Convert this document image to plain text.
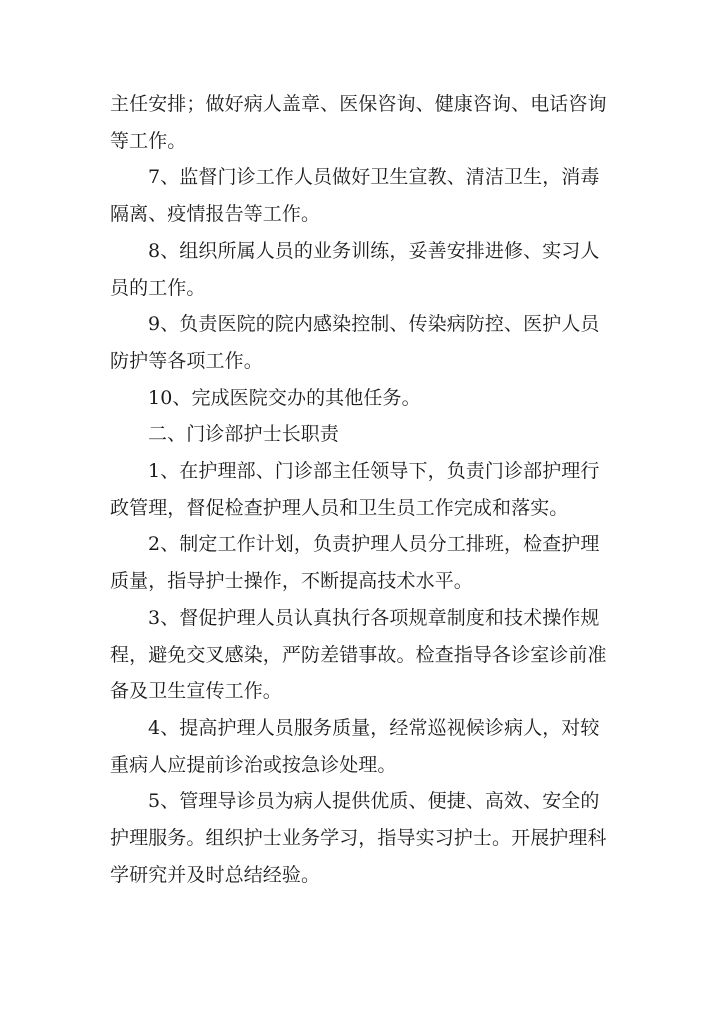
主任安排；做好病人盖章、医保咨询、健康咨询、电话咨询等工作。

7、监督门诊工作人员做好卫生宣教、清洁卫生，消毒隔离、疫情报告等工作。

8、组织所属人员的业务训练，妥善安排进修、实习人员的工作。

9、负责医院的院内感染控制、传染病防控、医护人员防护等各项工作。

10、完成医院交办的其他任务。

二、门诊部护士长职责

1、在护理部、门诊部主任领导下，负责门诊部护理行政管理，督促检查护理人员和卫生员工作完成和落实。

2、制定工作计划，负责护理人员分工排班，检查护理质量，指导护士操作，不断提高技术水平。

3、督促护理人员认真执行各项规章制度和技术操作规程，避免交叉感染，严防差错事故。检查指导各诊室诊前准备及卫生宣传工作。

4、提高护理人员服务质量，经常巡视候诊病人，对较重病人应提前诊治或按急诊处理。

5、管理导诊员为病人提供优质、便捷、高效、安全的护理服务。组织护士业务学习，指导实习护士。开展护理科学研究并及时总结经验。
